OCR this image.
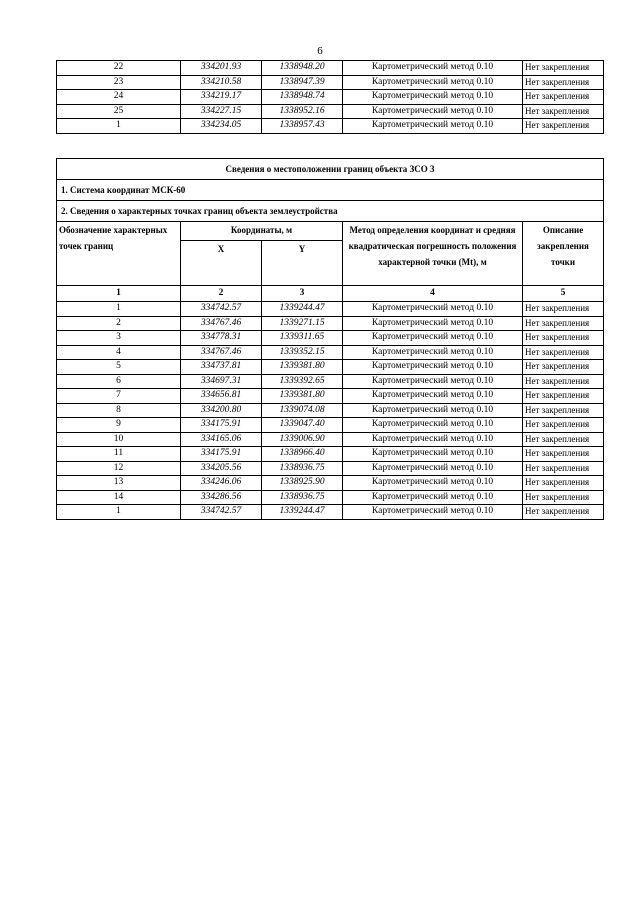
6
22	334201.93	1338948.20	Картометрический метод 0.10	Нет закрепления
23	334210.58	1338947.39	Картометрический метод 0.10	Нет закрепления
24	334219.17	1338948.74	Картометрический метод 0.10	Нет закрепления
25	334227.15	1338952.16	Картометрический метод 0.10	Нет закрепления
1	334234.05	1338957.43	Картометрический метод 0.10	Нет закрепления
Сведения о местоположении границ объекта ЗСО 3				
1. Система координат МСК-60				
2. Сведения о характерных точках границ объекта землеустройства				
Обозначение характерных точек границ	Координаты, м		Метод определения координат и средняя квадратическая погрешность положения характерной точки (Mt), м	Описание закрепления точки
	X	Y		
1	2	3	4	5
1	334742.57	1339244.47	Картометрический метод 0.10	Нет закрепления
2	334767.46	1339271.15	Картометрический метод 0.10	Нет закрепления
3	334778.31	1339311.65	Картометрический метод 0.10	Нет закрепления
4	334767.46	1339352.15	Картометрический метод 0.10	Нет закрепления
5	334737.81	1339381.80	Картометрический метод 0.10	Нет закрепления
6	334697.31	1339392.65	Картометрический метод 0.10	Нет закрепления
7	334656.81	1339381.80	Картометрический метод 0.10	Нет закрепления
8	334200.80	1339074.08	Картометрический метод 0.10	Нет закрепления
9	334175.91	1339047.40	Картометрический метод 0.10	Нет закрепления
10	334165.06	1339006.90	Картометрический метод 0.10	Нет закрепления
11	334175.91	1338966.40	Картометрический метод 0.10	Нет закрепления
12	334205.56	1338936.75	Картометрический метод 0.10	Нет закрепления
13	334246.06	1338925.90	Картометрический метод 0.10	Нет закрепления
14	334286.56	1338936.75	Картометрический метод 0.10	Нет закрепления
1	334742.57	1339244.47	Картометрический метод 0.10	Нет закрепления
